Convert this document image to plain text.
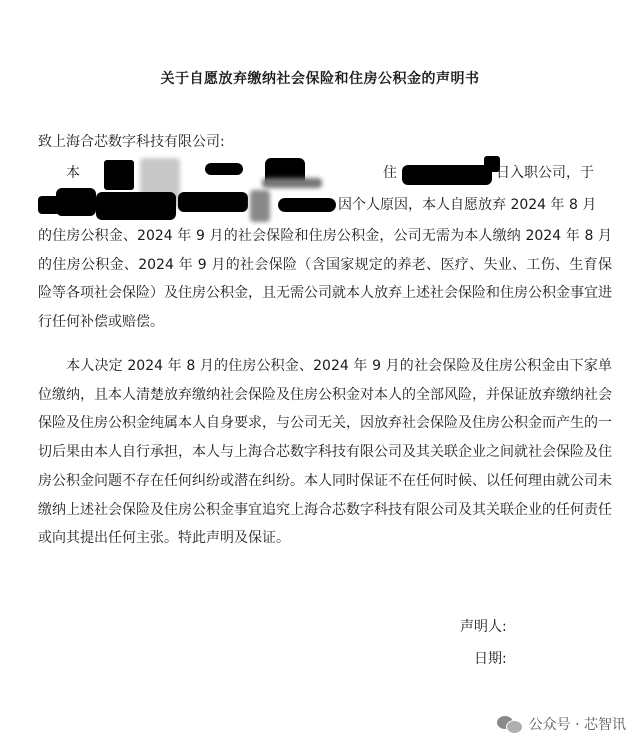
关于自愿放弃缴纳社会保险和住房公积金的声明书
致上海合芯数字科技有限公司:
本	住	日入职公司，于
因个人原因，本人自愿放弃 2024 年 8 月
的住房公积金、2024 年 9 月的社会保险和住房公积金，公司无需为本人缴纳 2024 年 8 月的住房公积金、2024 年 9 月的社会保险（含国家规定的养老、医疗、失业、工伤、生育保险等各项社会保险）及住房公积金，且无需公司就本人放弃上述社会保险和住房公积金事宜进行任何补偿或赔偿。
本人决定 2024 年 8 月的住房公积金、2024 年 9 月的社会保险及住房公积金由下家单位缴纳，且本人清楚放弃缴纳社会保险及住房公积金对本人的全部风险，并保证放弃缴纳社会保险及住房公积金纯属本人自身要求，与公司无关，因放弃社会保险及住房公积金而产生的一切后果由本人自行承担，本人与上海合芯数字科技有限公司及其关联企业之间就社会保险及住房公积金问题不存在任何纠纷或潜在纠纷。本人同时保证不在任何时候、以任何理由就公司未缴纳上述社会保险及住房公积金事宜追究上海合芯数字科技有限公司及其关联企业的任何责任或向其提出任何主张。特此声明及保证。
声明人:
日期:
公众号 · 芯智讯
